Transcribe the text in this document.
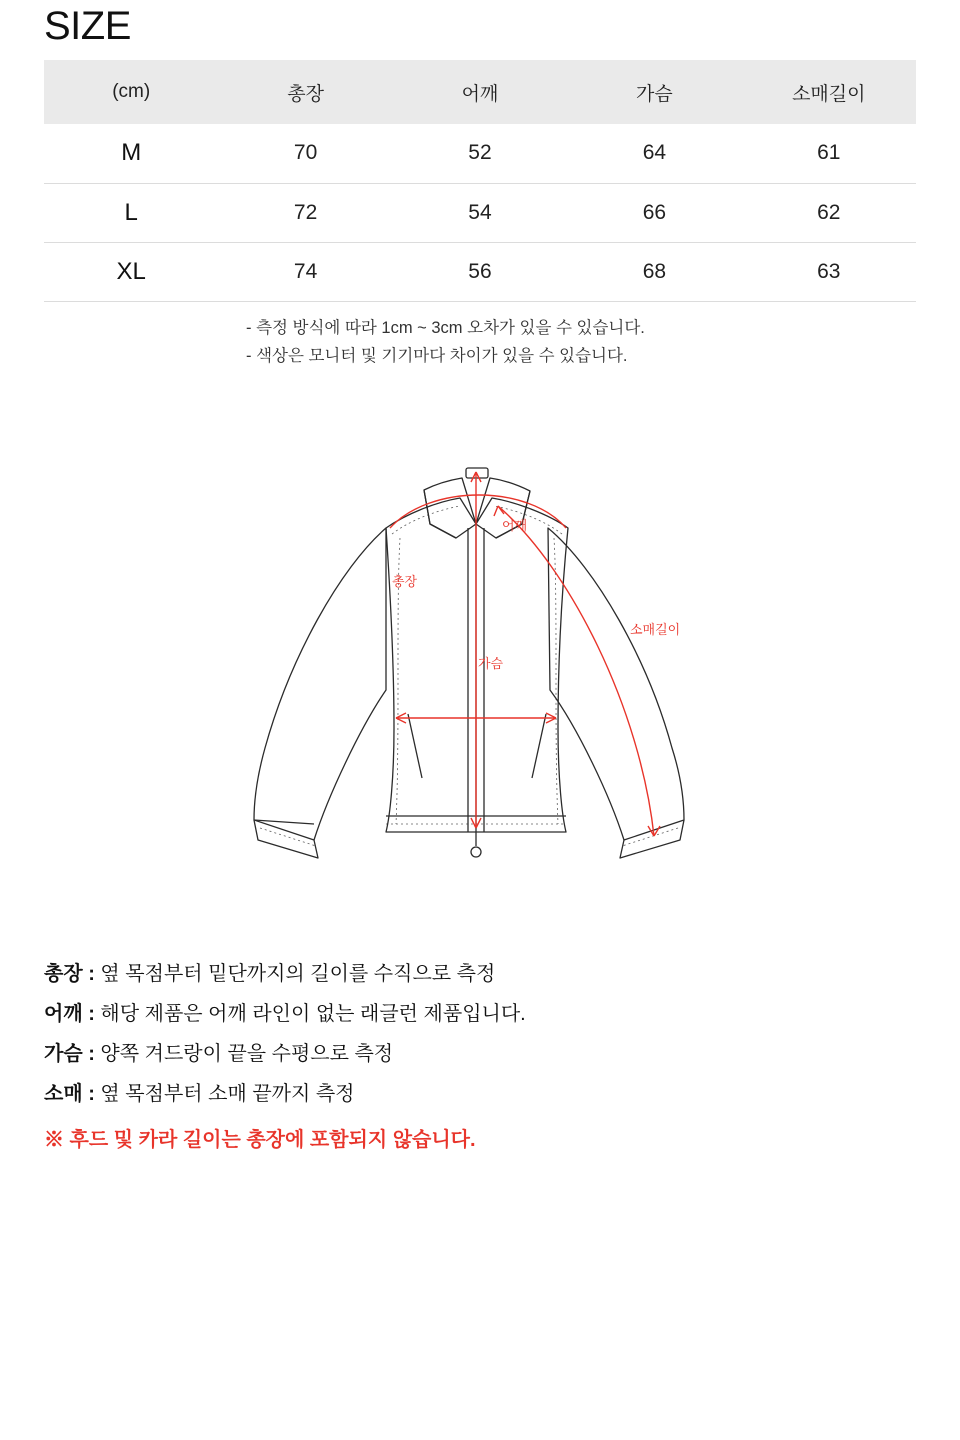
SIZE
(cm)	총장	어깨	가슴	소매길이
M	70	52	64	61
L	72	54	66	62
XL	74	56	68	63
- 측정 방식에 따라 1cm ~ 3cm 오차가 있을 수 있습니다.
- 색상은 모니터 및 기기마다 차이가 있을 수 있습니다.
어깨
총장
가슴
소매길이
총장 : 옆 목점부터 밑단까지의 길이를 수직으로 측정
어깨 : 해당 제품은 어깨 라인이 없는 래글런 제품입니다.
가슴 : 양쪽 겨드랑이 끝을 수평으로 측정
소매 : 옆 목점부터 소매 끝까지 측정
※ 후드 및 카라 길이는 총장에 포함되지 않습니다.
